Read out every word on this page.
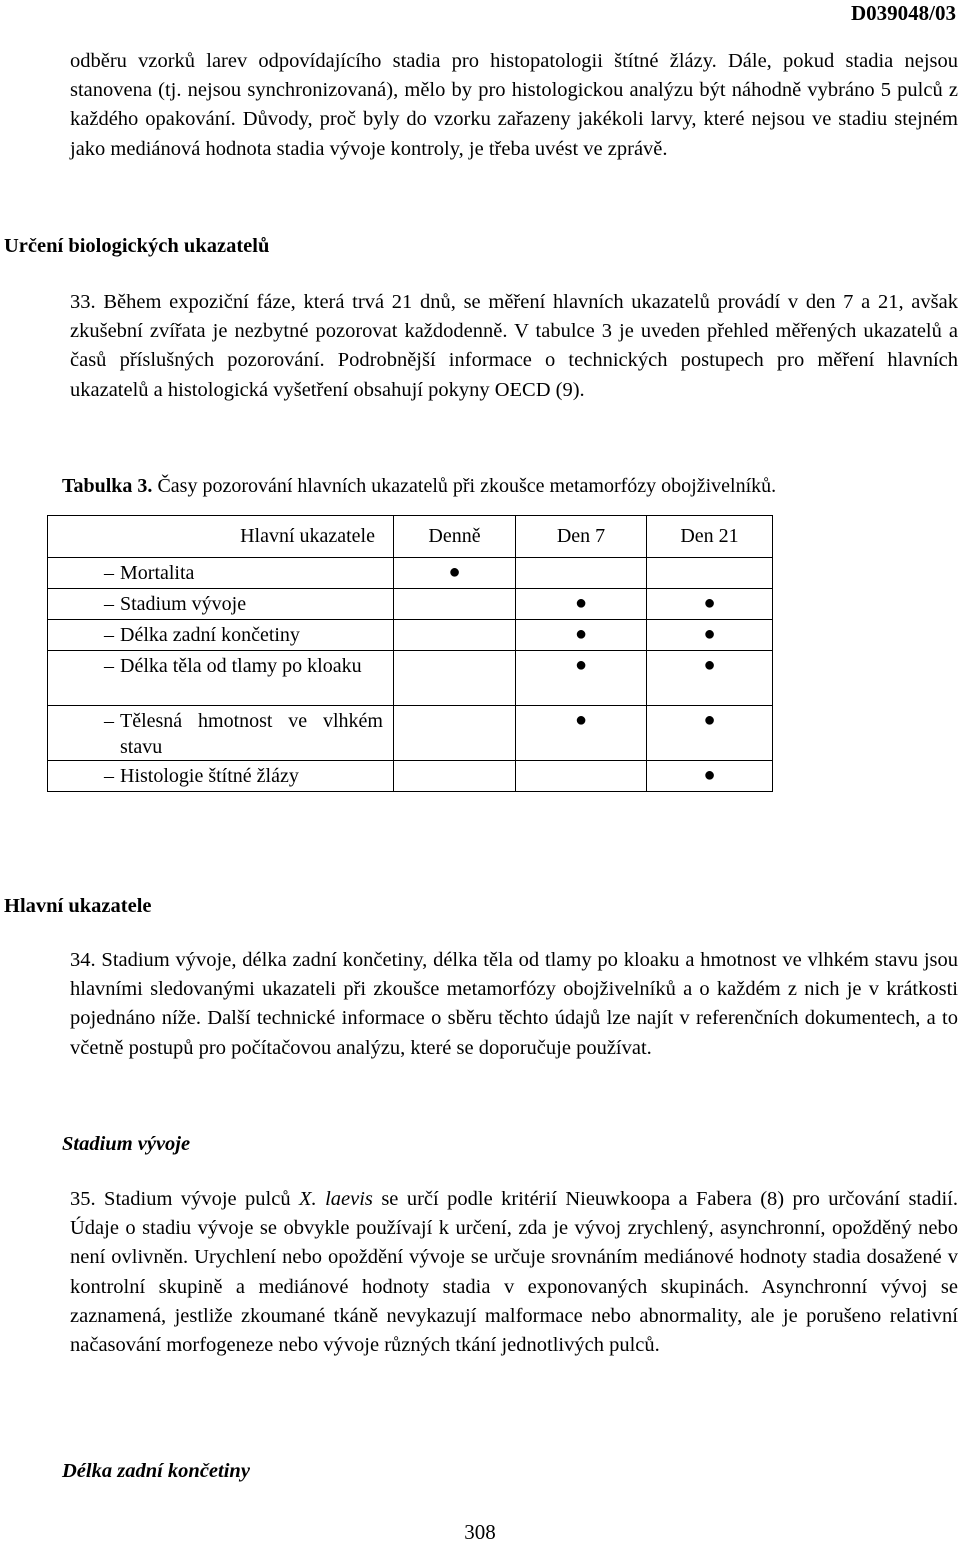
D039048/03

odběru vzorků larev odpovídajícího stadia pro histopatologii štítné žlázy. Dále, pokud stadia nejsou stanovena (tj. nejsou synchronizovaná), mělo by pro histologickou analýzu být náhodně vybráno 5 pulců z každého opakování. Důvody, proč byly do vzorku zařazeny jakékoli larvy, které nejsou ve stadiu stejném jako mediánová hodnota stadia vývoje kontroly, je třeba uvést ve zprávě.

Určení biologických ukazatelů

33. Během expoziční fáze, která trvá 21 dnů, se měření hlavních ukazatelů provádí v den 7 a 21, avšak zkušební zvířata je nezbytné pozorovat každodenně. V tabulce 3 je uveden přehled měřených ukazatelů a časů příslušných pozorování. Podrobnější informace o technických postupech pro měření hlavních ukazatelů a histologická vyšetření obsahují pokyny OECD (9).

Tabulka 3. Časy pozorování hlavních ukazatelů při zkoušce metamorfózy obojživelníků.

Hlavní ukazatele	Denně	Den 7	Den 21
– Mortalita	●		
– Stadium vývoje		●	●
– Délka zadní končetiny		●	●
– Délka těla od tlamy po kloaku		●	●
– Tělesná hmotnost ve vlhkém stavu		●	●
– Histologie štítné žlázy			●
Hlavní ukazatele

34. Stadium vývoje, délka zadní končetiny, délka těla od tlamy po kloaku a hmotnost ve vlhkém stavu jsou hlavními sledovanými ukazateli při zkoušce metamorfózy obojživelníků a o každém z nich je v krátkosti pojednáno níže. Další technické informace o sběru těchto údajů lze najít v referenčních dokumentech, a to včetně postupů pro počítačovou analýzu, které se doporučuje používat.

Stadium vývoje

35. Stadium vývoje pulců X. laevis se určí podle kritérií Nieuwkoopa a Fabera (8) pro určování stadií. Údaje o stadiu vývoje se obvykle používají k určení, zda je vývoj zrychlený, asynchronní, opožděný nebo není ovlivněn. Urychlení nebo opoždění vývoje se určuje srovnáním mediánové hodnoty stadia dosažené v kontrolní skupině a mediánové hodnoty stadia v exponovaných skupinách. Asynchronní vývoj se zaznamená, jestliže zkoumané tkáně nevykazují malformace nebo abnormality, ale je porušeno relativní načasování morfogeneze nebo vývoje různých tkání jednotlivých pulců.

Délka zadní končetiny
308
